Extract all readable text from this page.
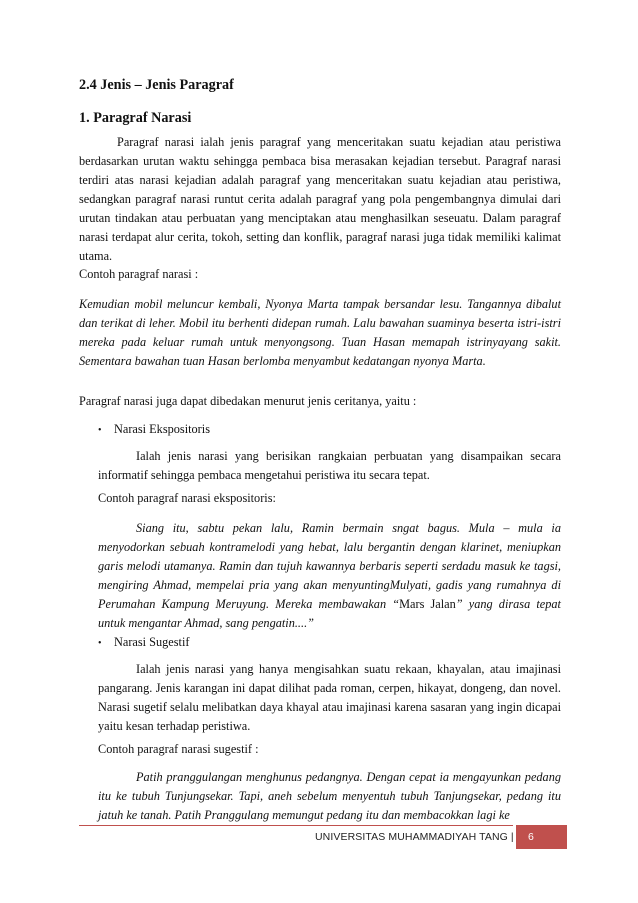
2.4 Jenis – Jenis Paragraf
1. Paragraf Narasi

Paragraf narasi ialah jenis paragraf yang menceritakan suatu kejadian atau peristiwa berdasarkan urutan waktu sehingga pembaca bisa merasakan kejadian tersebut. Paragraf narasi terdiri atas narasi kejadian adalah paragraf yang menceritakan suatu kejadian atau peristiwa, sedangkan paragraf narasi runtut cerita adalah paragraf yang pola pengembangnya dimulai dari urutan tindakan atau perbuatan yang menciptakan atau menghasilkan seseuatu. Dalam paragraf narasi terdapat alur cerita, tokoh, setting dan konflik, paragraf narasi juga tidak memiliki kalimat utama.

Contoh paragraf narasi :

Kemudian mobil meluncur kembali, Nyonya Marta tampak bersandar lesu. Tangannya dibalut dan terikat di leher. Mobil itu berhenti didepan rumah. Lalu bawahan suaminya beserta istri-istri mereka pada keluar rumah untuk menyongsong. Tuan Hasan memapah istrinyayang sakit. Sementara bawahan tuan Hasan berlomba menyambut kedatangan nyonya Marta.

Paragraf narasi juga dapat dibedakan menurut jenis ceritanya, yaitu :

• Narasi Ekspositoris

Ialah jenis narasi yang berisikan rangkaian perbuatan yang disampaikan secara informatif sehingga pembaca mengetahui peristiwa itu secara tepat.

Contoh paragraf narasi ekspositoris:

Siang itu, sabtu pekan lalu, Ramin bermain sngat bagus. Mula – mula ia menyodorkan sebuah kontramelodi yang hebat, lalu bergantin dengan klarinet, meniupkan garis melodi utamanya. Ramin dan tujuh kawannya berbaris seperti serdadu masuk ke tagsi, mengiring Ahmad, mempelai pria yang akan menyuntingMulyati, gadis yang rumahnya di Perumahan Kampung Meruyung. Mereka membawakan “Mars Jalan” yang dirasa tepat untuk mengantar Ahmad, sang pengatin....”

• Narasi Sugestif

Ialah jenis narasi yang hanya mengisahkan suatu rekaan, khayalan, atau imajinasi pangarang. Jenis karangan ini dapat dilihat pada roman, cerpen, hikayat, dongeng, dan novel. Narasi sugetif selalu melibatkan daya khayal atau imajinasi karena sasaran yang ingin dicapai yaitu kesan terhadap peristiwa.

Contoh paragraf narasi sugestif :

Patih pranggulangan menghunus pedangnya. Dengan cepat ia mengayunkan pedang itu ke tubuh Tunjungsekar. Tapi, aneh sebelum menyentuh tubuh Tanjungsekar, pedang itu jatuh ke tanah. Patih Pranggulang memungut pedang itu dan membacokkan lagi ke

UNIVERSITAS MUHAMMADIYAH TANG |	6
